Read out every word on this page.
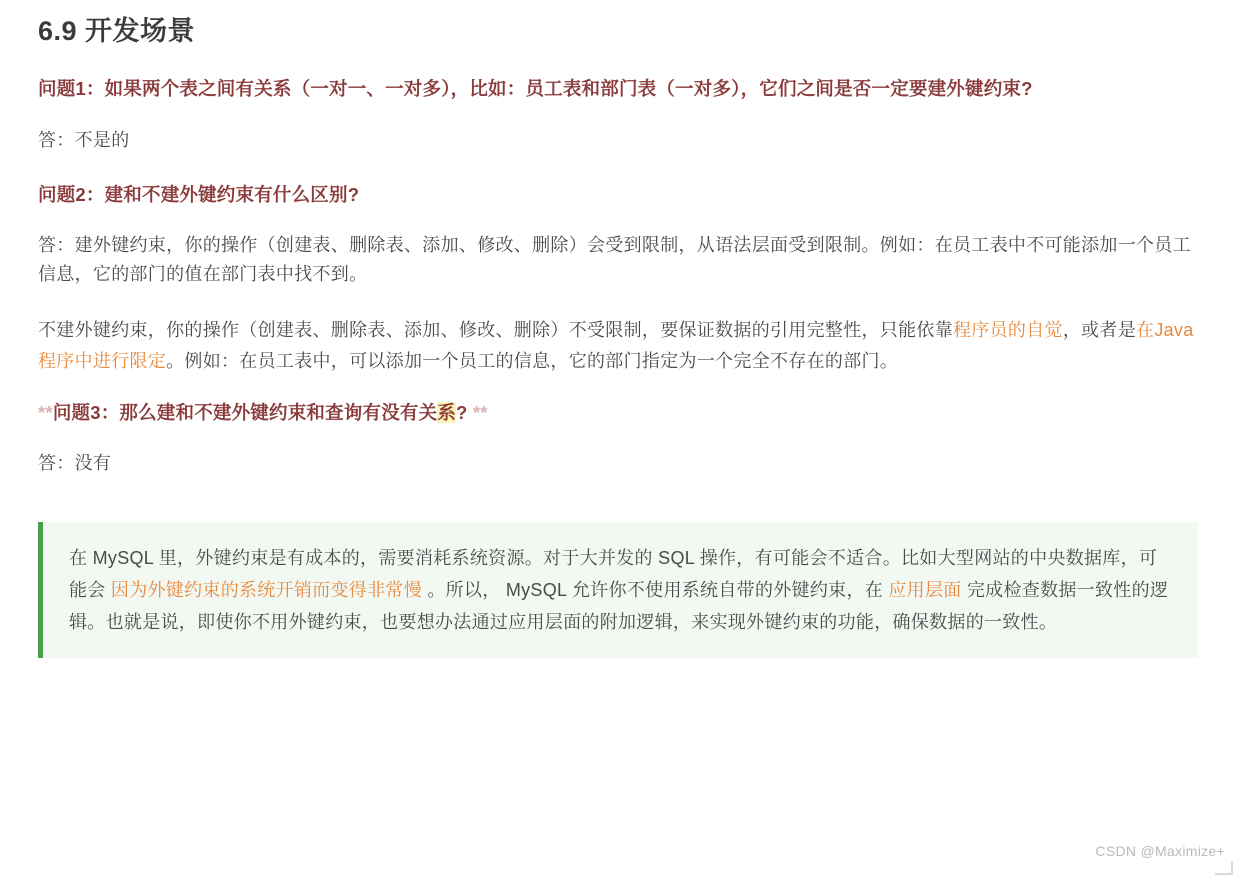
6.9 开发场景

问题1：如果两个表之间有关系（一对一、一对多），比如：员工表和部门表（一对多），它们之间是否一定要建外键约束?

答：不是的

问题2：建和不建外键约束有什么区别?

答：建外键约束，你的操作（创建表、删除表、添加、修改、删除）会受到限制，从语法层面受到限制。例如：在员工表中不可能添加一个员工信息，它的部门的值在部门表中找不到。

不建外键约束，你的操作（创建表、删除表、添加、修改、删除）不受限制，要保证数据的引用完整性，只能依靠程序员的自觉，或者是在Java程序中进行限定。例如：在员工表中，可以添加一个员工的信息，它的部门指定为一个完全不存在的部门。

**问题3：那么建和不建外键约束和查询有没有关系? **

答：没有

在 MySQL 里，外键约束是有成本的，需要消耗系统资源。对于大并发的 SQL 操作，有可能会不适合。比如大型网站的中央数据库，可能会 因为外键约束的系统开销而变得非常慢 。所以， MySQL 允许你不使用系统自带的外键约束，在 应用层面 完成检查数据一致性的逻辑。也就是说，即使你不用外键约束，也要想办法通过应用层面的附加逻辑，来实现外键约束的功能，确保数据的一致性。
CSDN @Maximize+
